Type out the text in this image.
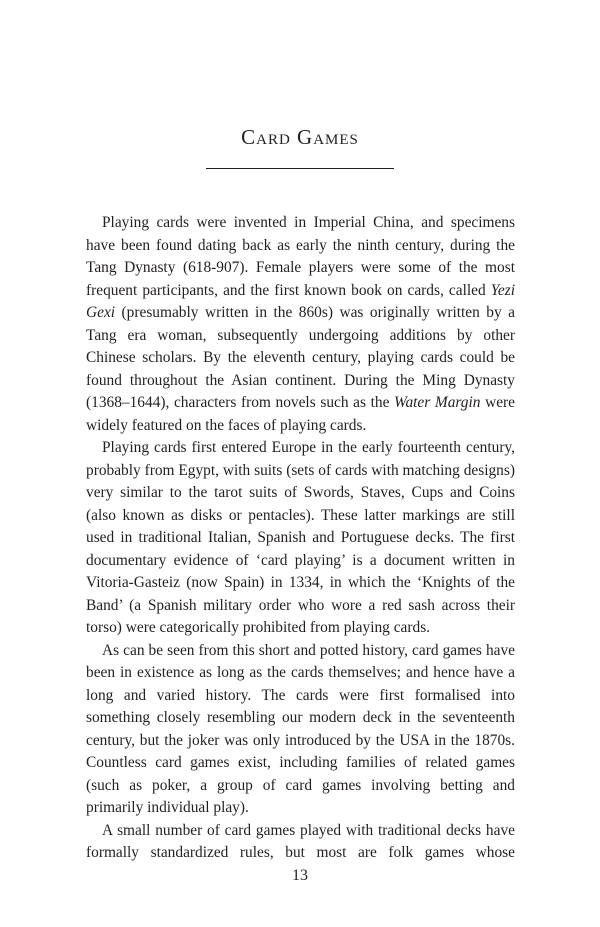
Card Games

Playing cards were invented in Imperial China, and specimens have been found dating back as early the ninth century, during the Tang Dynasty (618-907). Female players were some of the most frequent participants, and the first known book on cards, called Yezi Gexi (presumably written in the 860s) was originally written by a Tang era woman, subsequently undergoing additions by other Chinese scholars. By the eleventh century, playing cards could be found throughout the Asian continent. During the Ming Dynasty (1368–1644), characters from novels such as the Water Margin were widely featured on the faces of playing cards.

Playing cards first entered Europe in the early fourteenth century, probably from Egypt, with suits (sets of cards with matching designs) very similar to the tarot suits of Swords, Staves, Cups and Coins (also known as disks or pentacles). These latter markings are still used in traditional Italian, Spanish and Portuguese decks. The first documentary evidence of ‘card playing’ is a document written in Vitoria-Gasteiz (now Spain) in 1334, in which the ‘Knights of the Band’ (a Spanish military order who wore a red sash across their torso) were categorically prohibited from playing cards.

As can be seen from this short and potted history, card games have been in existence as long as the cards themselves; and hence have a long and varied history. The cards were first formalised into something closely resembling our modern deck in the seventeenth century, but the joker was only introduced by the USA in the 1870s. Countless card games exist, including families of related games (such as poker, a group of card games involving betting and primarily individual play).

A small number of card games played with traditional decks have formally standardized rules, but most are folk games whose

13
